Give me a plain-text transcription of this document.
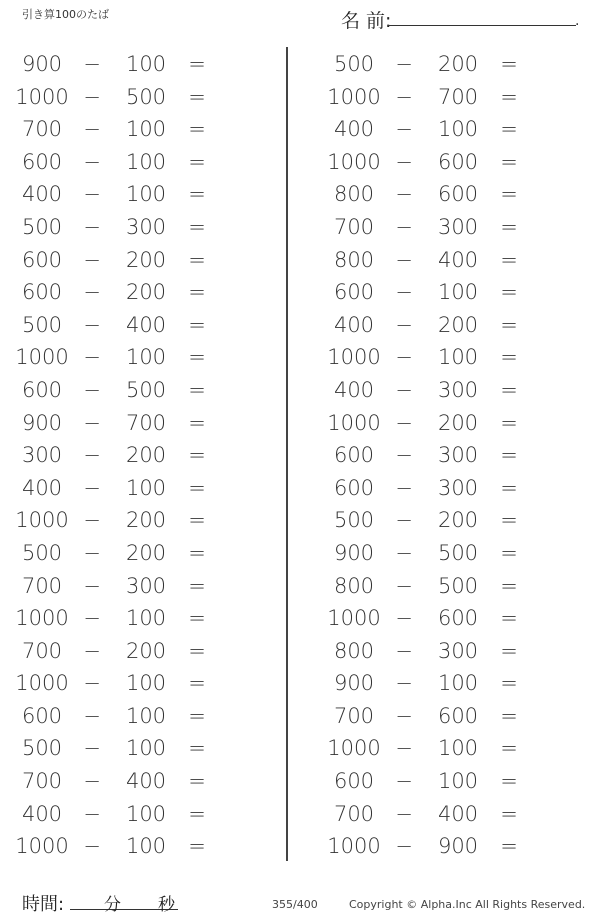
引き算100のたば	名 前:	.
900	−	100	=
1000 −	500	=
700	−	100	=
600	−	100	=
400	−	100	=
500	−	300	=
600	−	200	=
600	−	200	=
500	−	400	=
1000 −	100	=
600	−	500	=
900	−	700	=
300	−	200	=
400	−	100	=
1000 −	200	=
500	−	200	=
700	−	300	=
1000 −	100	=
700	−	200	=
1000 −	100	=
600	−	100	=
500	−	100	=
700	−	400	=
400	−	100	=
1000 −	100	=
500	−	200	=
1000 −	700	=
400	−	100	=
1000 −	600	=
800	−	600	=
700	−	300	=
800	−	400	=
600	−	100	=
400	−	200	=
1000 −	100	=
400	−	300	=
1000 −	200	=
600	−	300	=
600	−	300	=
500	−	200	=
900	−	500	=
800	−	500	=
1000 −	600	=
800	−	300	=
900	−	100	=
700	−	600	=
1000 −	100	=
600	−	100	=
700	−	400	=
1000 −	900	=
時間: 分 秒	355/400	Copyright © Alpha.Inc All Rights Reserved.
